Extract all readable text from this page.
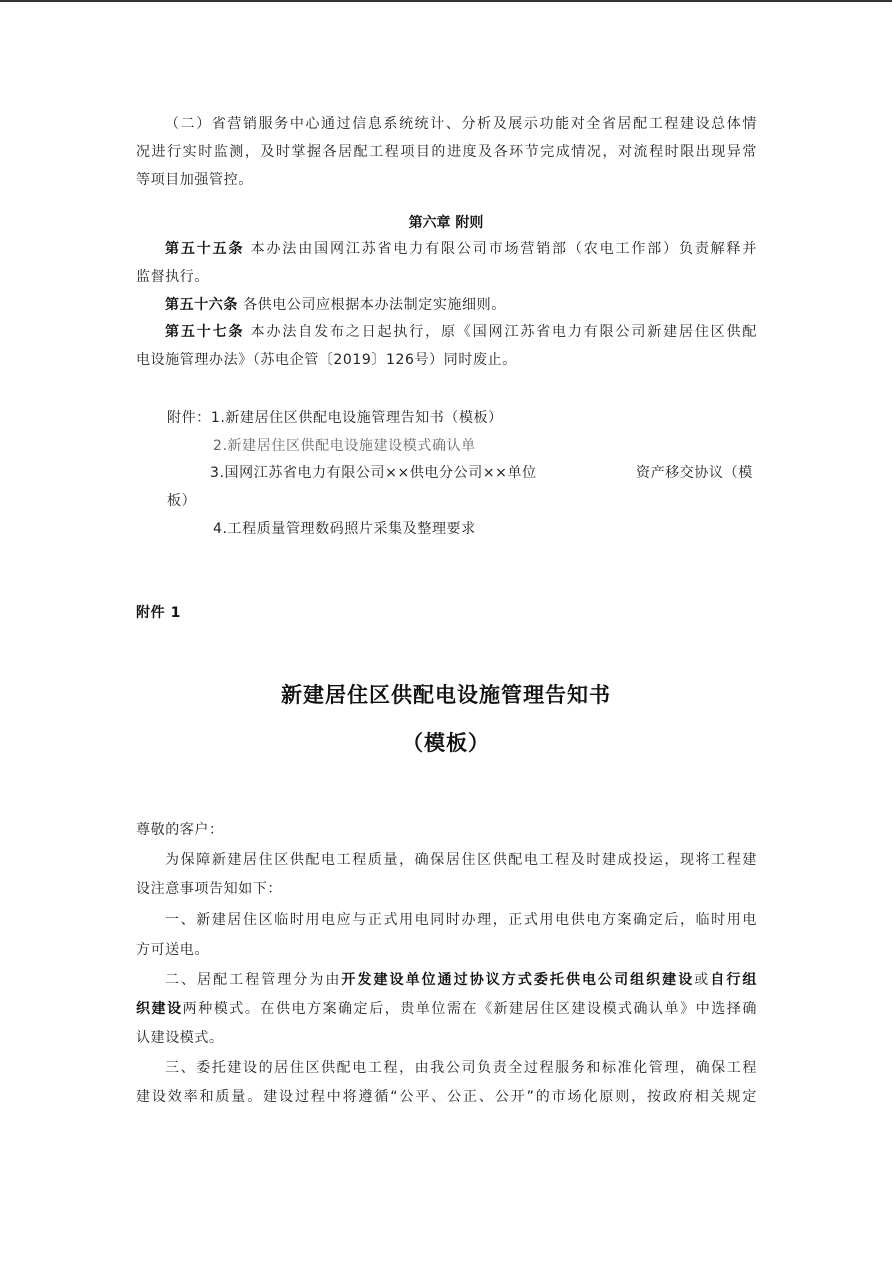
（二）省营销服务中心通过信息系统统计、分析及展示功能对全省居配工程建设总体情
况进行实时监测，及时掌握各居配工程项目的进度及各环节完成情况，对流程时限出现异常
等项目加强管控。
第六章 附则
第五十五条 本办法由国网江苏省电力有限公司市场营销部（农电工作部）负责解释并
监督执行。
第五十六条 各供电公司应根据本办法制定实施细则。
第五十七条 本办法自发布之日起执行，原《国网江苏省电力有限公司新建居住区供配
电设施管理办法》（苏电企管〔2019〕126号）同时废止。
附件：1.新建居住区供配电设施管理告知书（模板）
2.新建居住区供配电设施建设模式确认单
3.国网江苏省电力有限公司××供电分公司××单位	资产移交协议（模
板）
4.工程质量管理数码照片采集及整理要求
附件 1
新建居住区供配电设施管理告知书
（模板）
尊敬的客户：
为保障新建居住区供配电工程质量，确保居住区供配电工程及时建成投运，现将工程建
设注意事项告知如下：
一、新建居住区临时用电应与正式用电同时办理，正式用电供电方案确定后，临时用电
方可送电。
二、居配工程管理分为由开发建设单位通过协议方式委托供电公司组织建设或自行组
织建设两种模式。在供电方案确定后，贵单位需在《新建居住区建设模式确认单》中选择确
认建设模式。
三、委托建设的居住区供配电工程，由我公司负责全过程服务和标准化管理，确保工程
建设效率和质量。建设过程中将遵循“公平、公正、公开”的市场化原则，按政府相关规定
